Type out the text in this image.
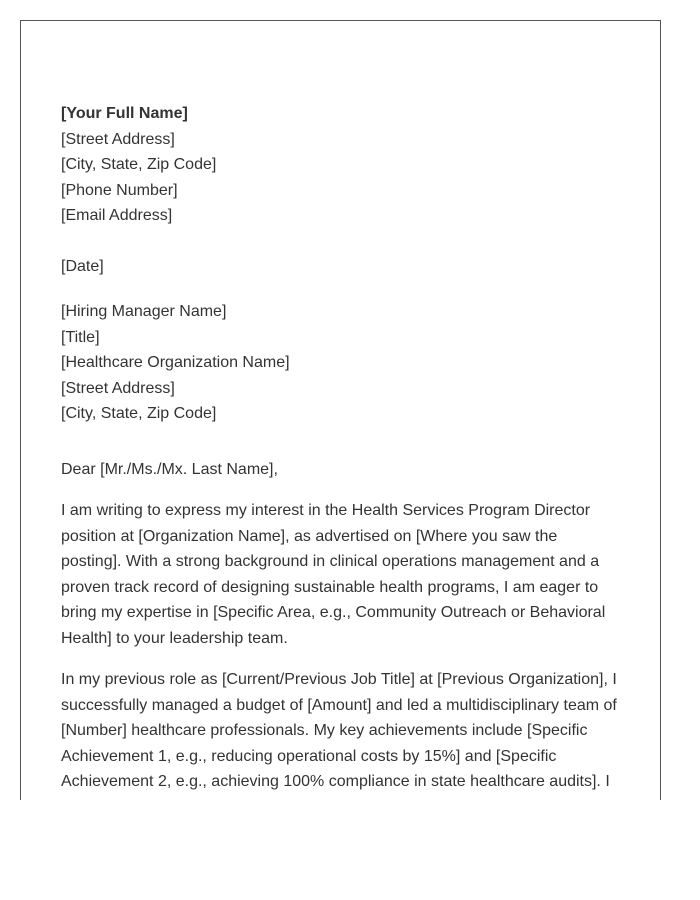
[Your Full Name]
[Street Address]
[City, State, Zip Code]
[Phone Number]
[Email Address]
[Date]
[Hiring Manager Name]
[Title]
[Healthcare Organization Name]
[Street Address]
[City, State, Zip Code]
Dear [Mr./Ms./Mx. Last Name],
I am writing to express my interest in the Health Services Program Director
position at [Organization Name], as advertised on [Where you saw the
posting]. With a strong background in clinical operations management and a
proven track record of designing sustainable health programs, I am eager to
bring my expertise in [Specific Area, e.g., Community Outreach or Behavioral
Health] to your leadership team.
In my previous role as [Current/Previous Job Title] at [Previous Organization], I
successfully managed a budget of [Amount] and led a multidisciplinary team of
[Number] healthcare professionals. My key achievements include [Specific
Achievement 1, e.g., reducing operational costs by 15%] and [Specific
Achievement 2, e.g., achieving 100% compliance in state healthcare audits]. I
